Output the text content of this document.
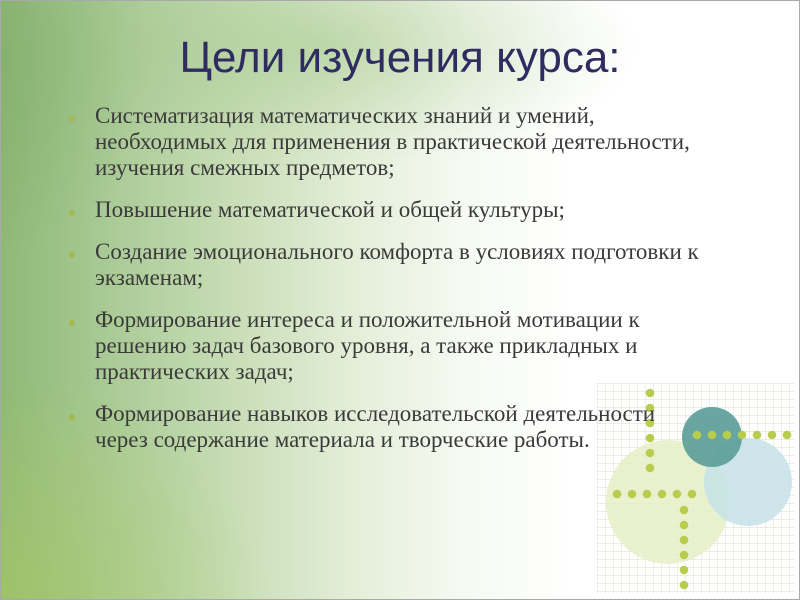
Цели изучения курса:
Систематизация математических знаний и умений,
необходимых для применения в практической деятельности,
изучения смежных предметов;
Повышение математической и общей культуры;
Создание эмоционального комфорта в условиях подготовки к
экзаменам;
Формирование интереса и положительной мотивации к
решению задач базового уровня, а также прикладных и
практических задач;
Формирование навыков исследовательской деятельности
через содержание материала и творческие работы.
